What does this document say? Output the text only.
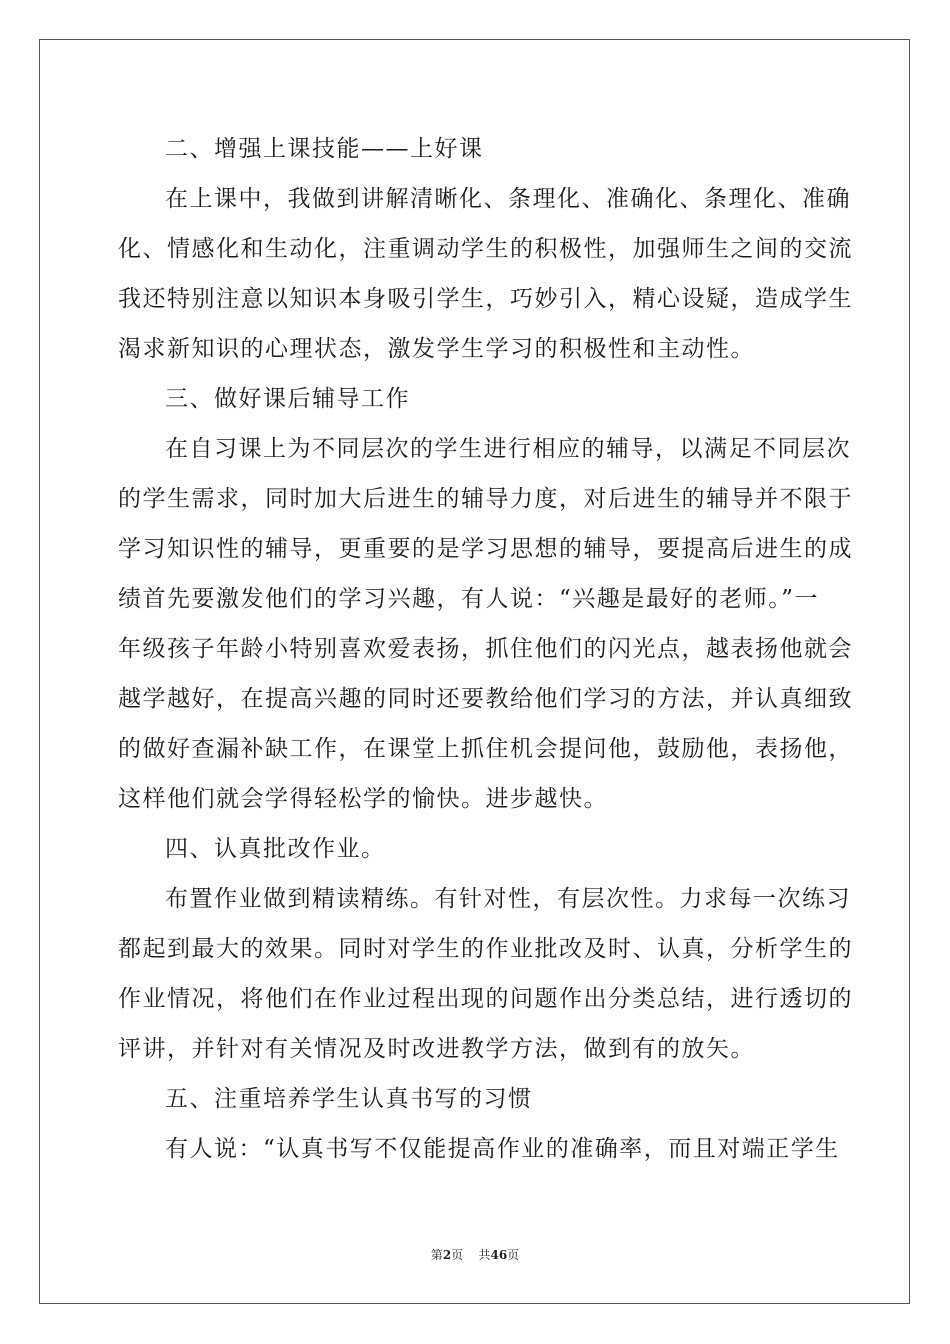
二、增强上课技能——上好课
在上课中，我做到讲解清晰化、条理化、准确化、条理化、准确
化、情感化和生动化，注重调动学生的积极性，加强师生之间的交流
我还特别注意以知识本身吸引学生，巧妙引入，精心设疑，造成学生
渴求新知识的心理状态，激发学生学习的积极性和主动性。
三、做好课后辅导工作
在自习课上为不同层次的学生进行相应的辅导，以满足不同层次
的学生需求，同时加大后进生的辅导力度，对后进生的辅导并不限于
学习知识性的辅导，更重要的是学习思想的辅导，要提高后进生的成
绩首先要激发他们的学习兴趣，有人说：“兴趣是最好的老师。”一
年级孩子年龄小特别喜欢爱表扬，抓住他们的闪光点，越表扬他就会
越学越好，在提高兴趣的同时还要教给他们学习的方法，并认真细致
的做好查漏补缺工作，在课堂上抓住机会提问他，鼓励他，表扬他，
这样他们就会学得轻松学的愉快。进步越快。
四、认真批改作业。
布置作业做到精读精练。有针对性，有层次性。力求每一次练习
都起到最大的效果。同时对学生的作业批改及时、认真，分析学生的
作业情况，将他们在作业过程出现的问题作出分类总结，进行透切的
评讲，并针对有关情况及时改进教学方法，做到有的放矢。
五、注重培养学生认真书写的习惯
有人说：“认真书写不仅能提高作业的准确率，而且对端正学生
第2页 共46页
